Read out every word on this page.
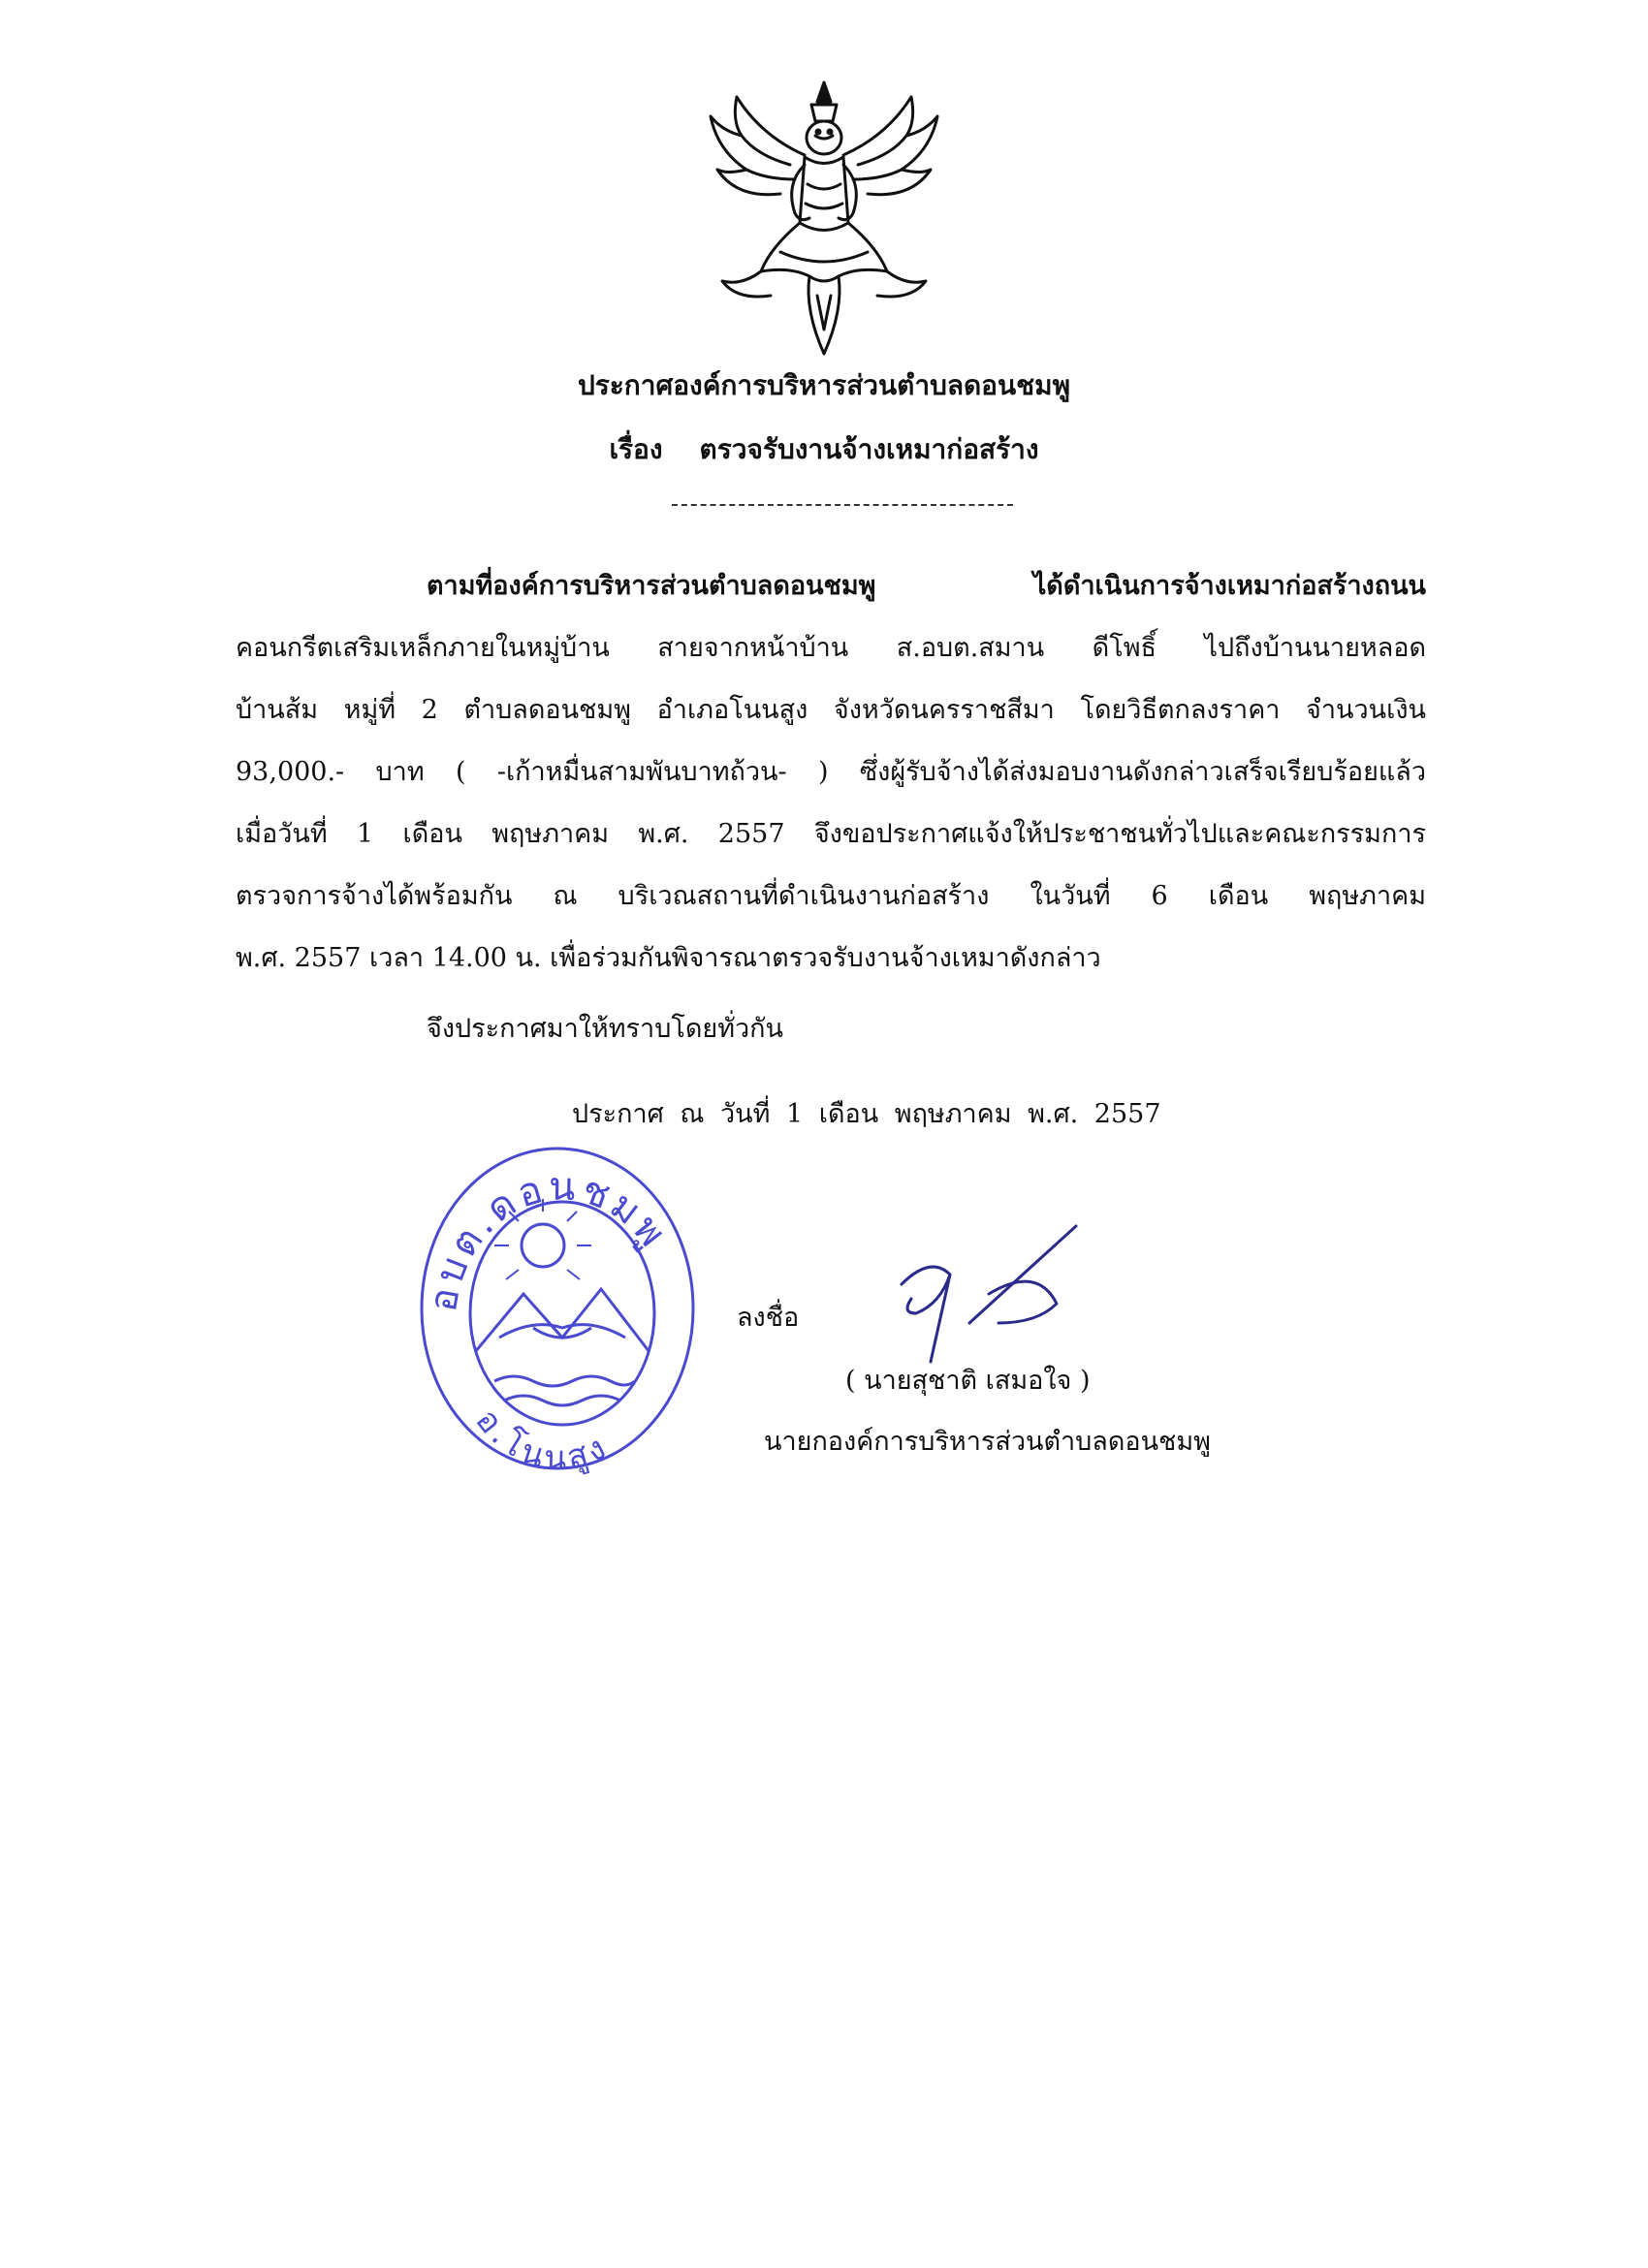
ประกาศองค์การบริหารส่วนตำบลดอนชมพู
เรื่อง ตรวจรับงานจ้างเหมาก่อสร้าง
ตามที่องค์การบริหารส่วนตำบลดอนชมพู ได้ดำเนินการจ้างเหมาก่อสร้างถนน
คอนกรีตเสริมเหล็กภายในหมู่บ้าน สายจากหน้าบ้าน ส.อบต.สมาน ดีโพธิ์ ไปถึงบ้านนายหลอด
บ้านส้ม หมู่ที่ 2 ตำบลดอนชมพู อำเภอโนนสูง จังหวัดนครราชสีมา โดยวิธีตกลงราคา จำนวนเงิน
93,000.- บาท ( -เก้าหมื่นสามพันบาทถ้วน- ) ซึ่งผู้รับจ้างได้ส่งมอบงานดังกล่าวเสร็จเรียบร้อยแล้ว
เมื่อวันที่ 1 เดือน พฤษภาคม พ.ศ. 2557 จึงขอประกาศแจ้งให้ประชาชนทั่วไปและคณะกรรมการ
ตรวจการจ้างได้พร้อมกัน ณ บริเวณสถานที่ดำเนินงานก่อสร้าง ในวันที่ 6 เดือน พฤษภาคม
พ.ศ. 2557 เวลา 14.00 น. เพื่อร่วมกันพิจารณาตรวจรับงานจ้างเหมาดังกล่าว
จึงประกาศมาให้ทราบโดยทั่วกัน
ประกาศ ณ วันที่ 1 เดือน พฤษภาคม พ.ศ. 2557
อบต.ดอนชมพู
อ.โนนสูง
ลงชื่อ
( นายสุชาติ เสมอใจ )
นายกองค์การบริหารส่วนตำบลดอนชมพู
